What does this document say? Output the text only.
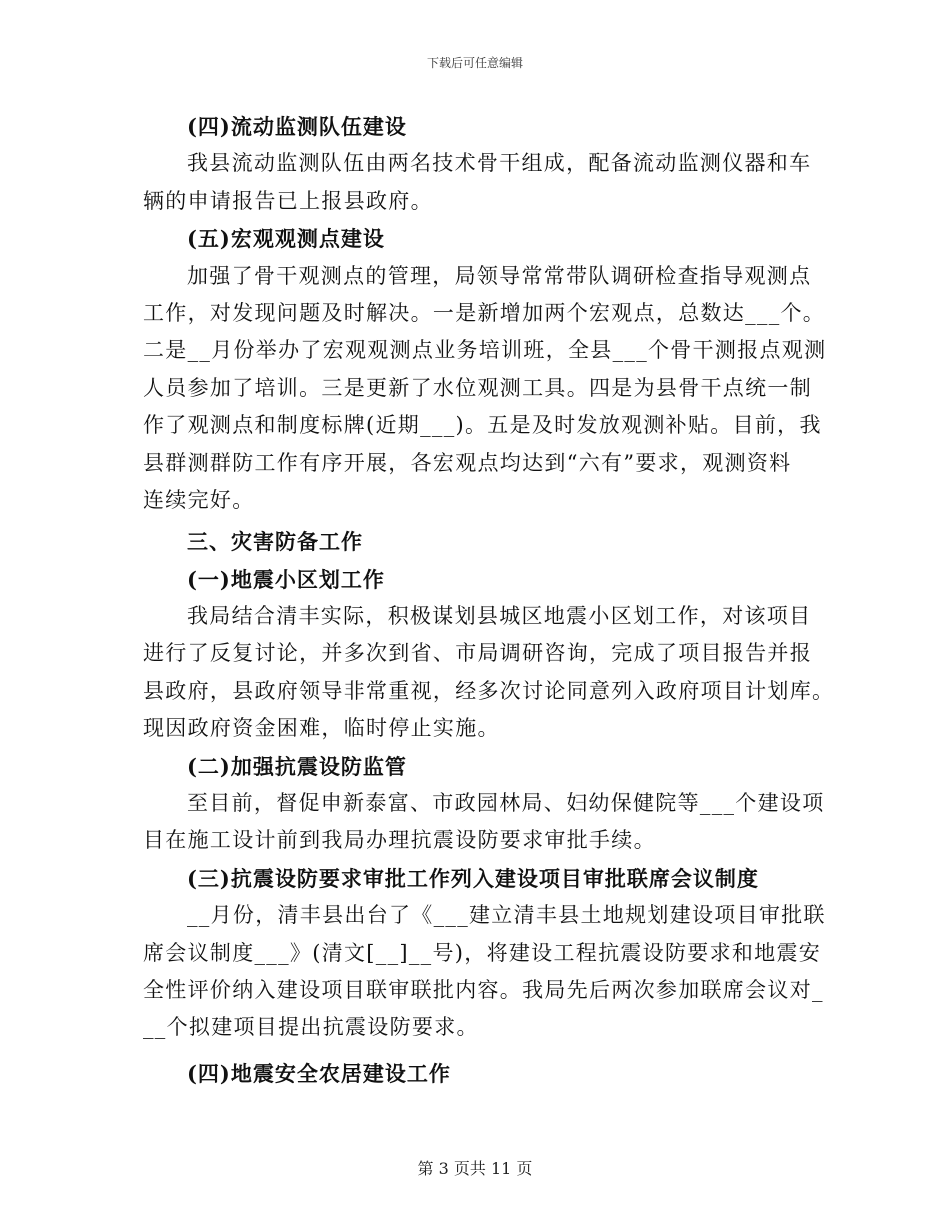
下载后可任意编辑
(四)流动监测队伍建设
我县流动监测队伍由两名技术骨干组成，配备流动监测仪器和车
辆的申请报告已上报县政府。
(五)宏观观测点建设
加强了骨干观测点的管理，局领导常常带队调研检查指导观测点
工作，对发现问题及时解决。一是新增加两个宏观点，总数达___个。
二是__月份举办了宏观观测点业务培训班，全县___个骨干测报点观测
人员参加了培训。三是更新了水位观测工具。四是为县骨干点统一制
作了观测点和制度标牌(近期___)。五是及时发放观测补贴。目前，我
县群测群防工作有序开展，各宏观点均达到“六有”要求，观测资料
连续完好。
三、灾害防备工作
(一)地震小区划工作
我局结合清丰实际，积极谋划县城区地震小区划工作，对该项目
进行了反复讨论，并多次到省、市局调研咨询，完成了项目报告并报
县政府，县政府领导非常重视，经多次讨论同意列入政府项目计划库。
现因政府资金困难，临时停止实施。
(二)加强抗震设防监管
至目前，督促申新泰富、市政园林局、妇幼保健院等___个建设项
目在施工设计前到我局办理抗震设防要求审批手续。
(三)抗震设防要求审批工作列入建设项目审批联席会议制度
__月份，清丰县出台了《___建立清丰县土地规划建设项目审批联
席会议制度___》(清文[__]__号)，将建设工程抗震设防要求和地震安
全性评价纳入建设项目联审联批内容。我局先后两次参加联席会议对_
__个拟建项目提出抗震设防要求。
(四)地震安全农居建设工作
第 3 页共 11 页
